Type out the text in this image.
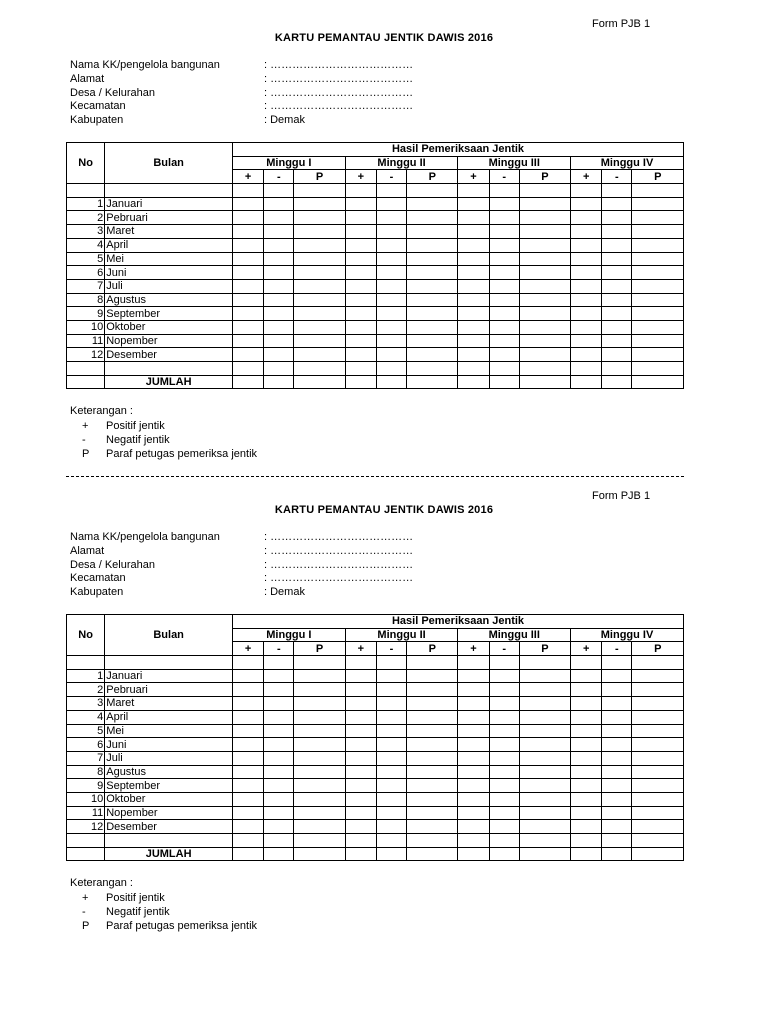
Form PJB 1
KARTU PEMANTAU JENTIK DAWIS 2016
Nama KK/pengelola bangunan	: …………………………………
Alamat	: …………………………………
Desa / Kelurahan	: …………………………………
Kecamatan	: …………………………………
Kabupaten	: Demak
No	Bulan	Hasil Pemeriksaan Jentik											
		Minggu I			Minggu II			Minggu III			Minggu IV		
		+	-	P	+	-	P	+	-	P	+	-	P

1	Januari												
2	Pebruari												
3	Maret												
4	April												
5	Mei												
6	Juni												
7	Juli												
8	Agustus												
9	September												
10	Oktober												
11	Nopember												
12	Desember												

	JUMLAH												
Keterangan :
+	Positif jentik
-	Negatif jentik
P	Paraf petugas pemeriksa jentik
Form PJB 1
KARTU PEMANTAU JENTIK DAWIS 2016
Nama KK/pengelola bangunan	: …………………………………
Alamat	: …………………………………
Desa / Kelurahan	: …………………………………
Kecamatan	: …………………………………
Kabupaten	: Demak
No	Bulan	Hasil Pemeriksaan Jentik											
		Minggu I			Minggu II			Minggu III			Minggu IV		
		+	-	P	+	-	P	+	-	P	+	-	P

1	Januari												
2	Pebruari												
3	Maret												
4	April												
5	Mei												
6	Juni												
7	Juli												
8	Agustus												
9	September												
10	Oktober												
11	Nopember												
12	Desember												

	JUMLAH												
Keterangan :
+	Positif jentik
-	Negatif jentik
P	Paraf petugas pemeriksa jentik
